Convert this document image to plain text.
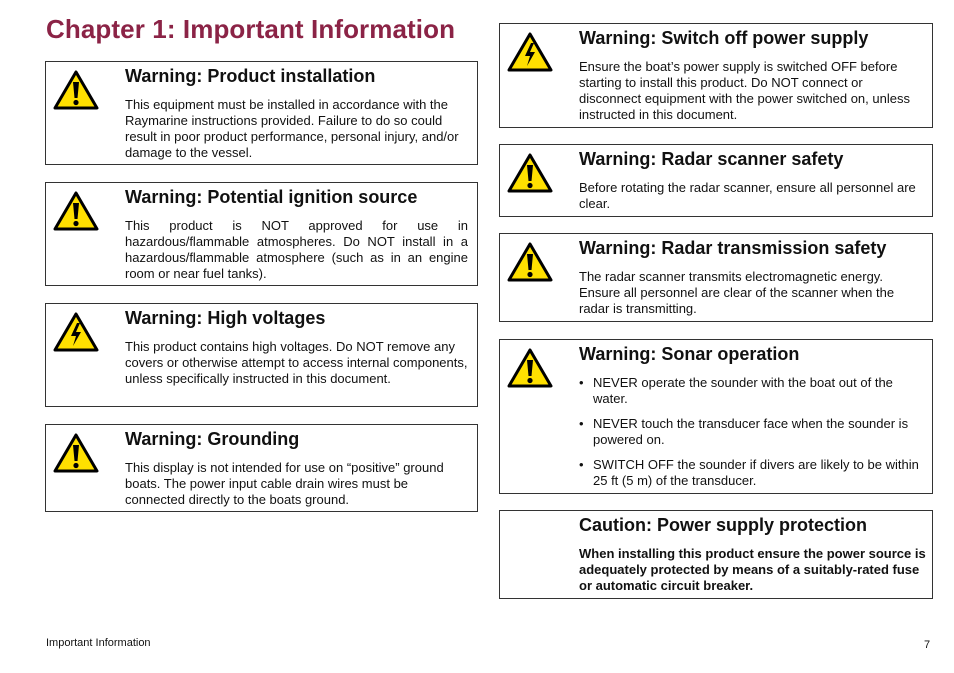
Chapter 1: Important Information
Warning: Product installation

This equipment must be installed in accordance with the Raymarine instructions provided. Failure to do so could result in poor product performance, personal injury, and/or damage to the vessel.

Warning: Potential ignition source

This product is NOT approved for use in hazardous/flammable atmospheres. Do NOT install in a hazardous/flammable atmosphere (such as in an engine room or near fuel tanks).

Warning: High voltages

This product contains high voltages. Do NOT remove any covers or otherwise attempt to access internal components, unless specifically instructed in this document.

Warning: Grounding

This display is not intended for use on “positive” ground boats. The power input cable drain wires must be connected directly to the boats ground.

Warning: Switch off power supply

Ensure the boat’s power supply is switched OFF before starting to install this product. Do NOT connect or disconnect equipment with the power switched on, unless instructed in this document.

Warning: Radar scanner safety

Before rotating the radar scanner, ensure all personnel are clear.

Warning: Radar transmission safety

The radar scanner transmits electromagnetic energy. Ensure all personnel are clear of the scanner when the radar is transmitting.

Warning: Sonar operation
• NEVER operate the sounder with the boat out of the water.
• NEVER touch the transducer face when the sounder is powered on.
• SWITCH OFF the sounder if divers are likely to be within 25 ft (5 m) of the transducer.
Caution: Power supply protection

When installing this product ensure the power source is adequately protected by means of a suitably-rated fuse or automatic circuit breaker.

Important Information	7
